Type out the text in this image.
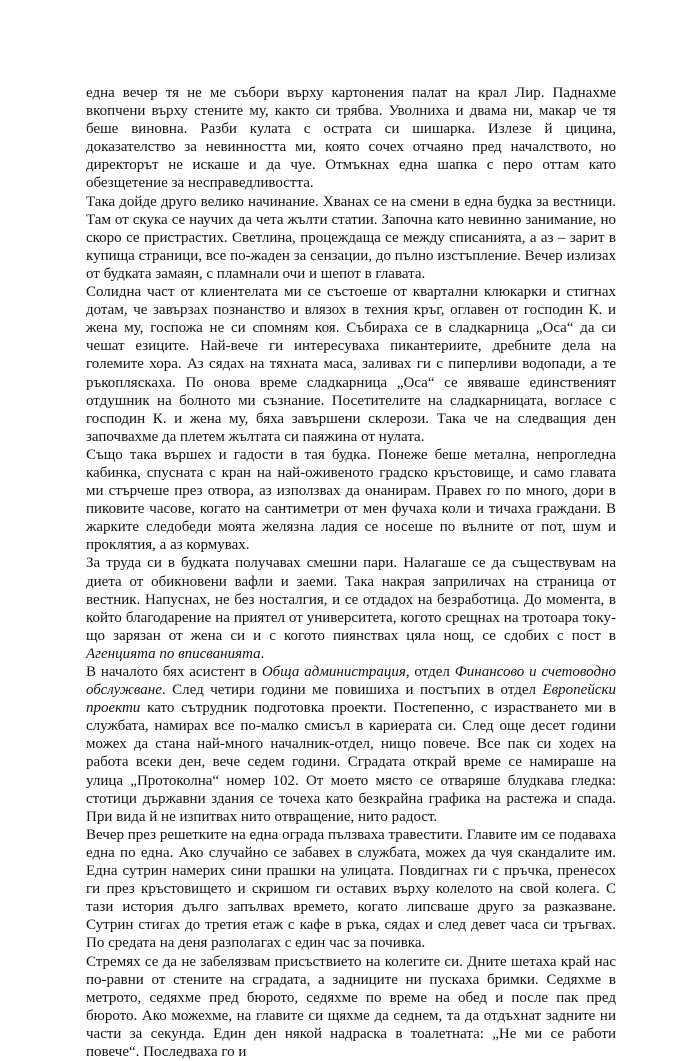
една вечер тя не ме събори върху картонения палат на крал Лир. Паднахме вкопчени върху стените му, както си трябва. Уволниха и двама ни, макар че тя беше виновна. Разби кулата с острата си шишарка. Излезе й цицина, доказателство за невинността ми, която сочех отчаяно пред началството, но директорът не искаше и да чуе. Отмъкнах една шапка с перо оттам като обезщетение за несправедливостта.

Така дойде друго велико начинание. Хванах се на смени в една будка за вестници. Там от скука се научих да чета жълти статии. Започна като невинно занимание, но скоро се пристрастих. Светлина, процеждаща се между списанията, а аз – зарит в купища страници, все по-жаден за сензации, до пълно изстъпление. Вечер излизах от будката замаян, с пламнали очи и шепот в главата.

Солидна част от клиентелата ми се състоеше от квартални клюкарки и стигнах дотам, че завързах познанство и влязох в техния кръг, оглавен от господин К. и жена му, госпожа не си спомням коя. Събираха се в сладкарница „Оса“ да си чешат езиците. Най-вече ги интересуваха пикантериите, дребните дела на големите хора. Аз сядах на тяхната маса, заливах ги с пиперливи водопади, а те ръкопляскаха. По онова време сладкарница „Оса“ се явяваше единственият отдушник на болното ми съзнание. Посетителите на сладкарницата, вогласе с господин К. и жена му, бяха завършени склерози. Така че на следващия ден започвахме да плетем жълтата си паяжина от нулата.

Също така вършех и гадости в тая будка. Понеже беше метална, непрогледна кабинка, спусната с кран на най-оживеното градско кръстовище, и само главата ми стърчеше през отвора, аз използвах да онанирам. Правех го по много, дори в пиковите часове, когато на сантиметри от мен фучаха коли и тичаха граждани. В жарките следобеди моята желязна ладия се носеше по вълните от пот, шум и проклятия, а аз кормувах.

За труда си в будката получавах смешни пари. Налагаше се да съществувам на диета от обикновени вафли и заеми. Така накрая заприличах на страница от вестник. Напуснах, не без носталгия, и се отдадох на безработица. До момента, в който благодарение на приятел от университета, когото срещнах на тротоара току-що зарязан от жена си и с когото пиянствах цяла нощ, се сдобих с пост в Агенцията по вписванията.

В началото бях асистент в Обща администрация, отдел Финансово и счетоводно обслужване. След четири години ме повишиха и постъпих в отдел Европейски проекти като сътрудник подготовка проекти. Постепенно, с израстването ми в службата, намирах все по-малко смисъл в кариерата си. След още десет години можех да стана най-много началник-отдел, нищо повече. Все пак си ходех на работа всеки ден, вече седем години. Сградата открай време се намираше на улица „Протоколна“ номер 102. От моето място се отваряше блудкава гледка: стотици държавни здания се точеха като безкрайна графика на растежа и спада. При вида й не изпитвах нито отвращение, нито радост.

Вечер през решетките на една ограда пълзваха травестити. Главите им се подаваха една по една. Ако случайно се забавех в службата, можех да чуя скандалите им. Една сутрин намерих сини прашки на улицата. Повдигнах ги с пръчка, пренесох ги през кръстовището и скришом ги оставих върху колелото на свой колега. С тази история дълго запълвах времето, когато липсваше друго за разказване. Сутрин стигах до третия етаж с кафе в ръка, сядах и след девет часа си тръгвах. По средата на деня разполагах с един час за почивка.

Стремях се да не забелязвам присъствието на колегите си. Дните шетаха край нас по-равни от стените на сградата, а задниците ни пускаха бримки. Седяхме в метрото, седяхме пред бюрото, седяхме по време на обед и после пак пред бюрото. Ако можехме, на главите си щяхме да седнем, та да отдъхнат задните ни части за секунда. Един ден някой надраска в тоалетната: „Не ми се работи повече“. Последваха го и
